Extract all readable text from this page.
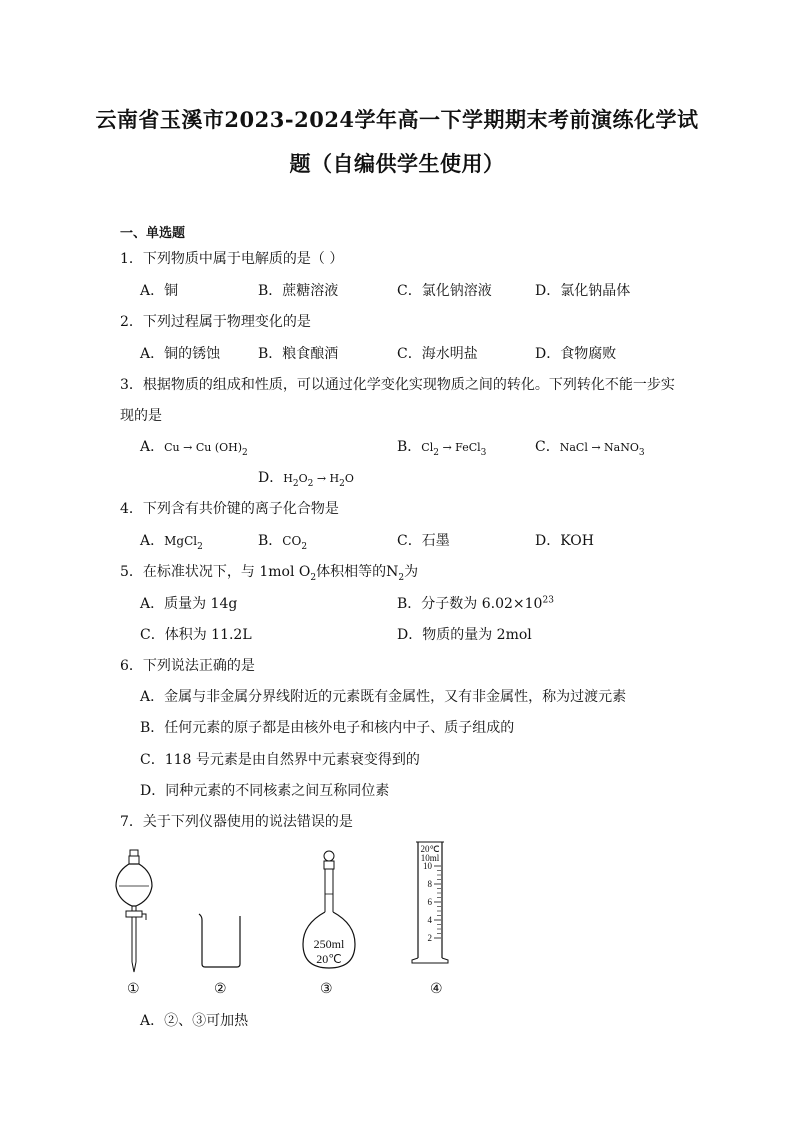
云南省玉溪市2023-2024学年高一下学期期末考前演练化学试
题（自编供学生使用）
一、单选题
1．下列物质中属于电解质的是（ ）
A．铜	B．蔗糖溶液	C．氯化钠溶液	D．氯化钠晶体
2．下列过程属于物理变化的是
A．铜的锈蚀	B．粮食酿酒	C．海水明盐	D．食物腐败
3．根据物质的组成和性质，可以通过化学变化实现物质之间的转化。下列转化不能一步实
现的是
A．Cu → Cu $(OH)_2$	B．$Cl_2$ → FeCl$_3$	C．NaCl → NaNO$_3$
D．$H_2O_2 \to H_2O$
4．下列含有共价键的离子化合物是
A．MgCl$_2$	B．$CO_2$	C．石墨	D．KOH
5．在标准状况下，与 1mol $O_2$体积相等的$N_2$为
A．质量为 14g	B．分子数为 $6.02\times 10^{23}$
C．体积为 11.2L	D．物质的量为 2mol
6．下列说法正确的是
A．金属与非金属分界线附近的元素既有金属性，又有非金属性，称为过渡元素
B．任何元素的原子都是由核外电子和核内中子、质子组成的
C．118 号元素是由自然界中元素衰变得到的
D．同种元素的不同核素之间互称同位素
7．关于下列仪器使用的说法错误的是
250ml
20℃
20℃
10ml
10
8
6
4
2
①	②	③	④
A．②、③可加热
